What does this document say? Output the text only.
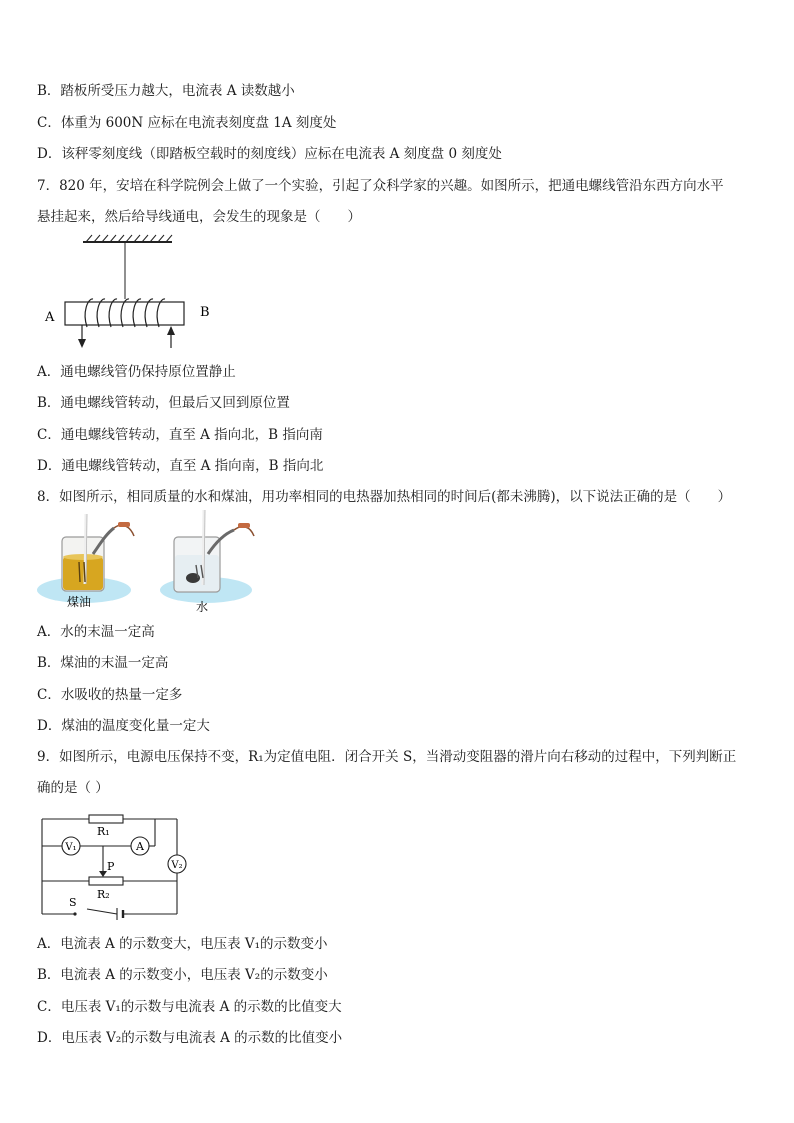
B．踏板所受压力越大，电流表 A 读数越小
C．体重为 600N 应标在电流表刻度盘 1A 刻度处
D．该秤零刻度线（即踏板空载时的刻度线）应标在电流表 A 刻度盘 0 刻度处
7．820 年，安培在科学院例会上做了一个实验，引起了众科学家的兴趣。如图所示，把通电螺线管沿东西方向水平
悬挂起来，然后给导线通电，会发生的现象是（　　）
A	B
A．通电螺线管仍保持原位置静止
B．通电螺线管转动，但最后又回到原位置
C．通电螺线管转动，直至 A 指向北，B 指向南
D．通电螺线管转动，直至 A 指向南，B 指向北
8．如图所示，相同质量的水和煤油，用功率相同的电热器加热相同的时间后(都未沸腾)，以下说法正确的是（　　）
煤油	水
A．水的末温一定高
B．煤油的末温一定高
C．水吸收的热量一定多
D．煤油的温度变化量一定大
9．如图所示，电源电压保持不变，R₁为定值电阻．闭合开关 S，当滑动变阻器的滑片向右移动的过程中，下列判断正
确的是（ ）
R₁
R₂
P
V₁	A
V₂
S
A．电流表 A 的示数变大，电压表 V₁的示数变小
B．电流表 A 的示数变小，电压表 V₂的示数变小
C．电压表 V₁的示数与电流表 A 的示数的比值变大
D．电压表 V₂的示数与电流表 A 的示数的比值变小
